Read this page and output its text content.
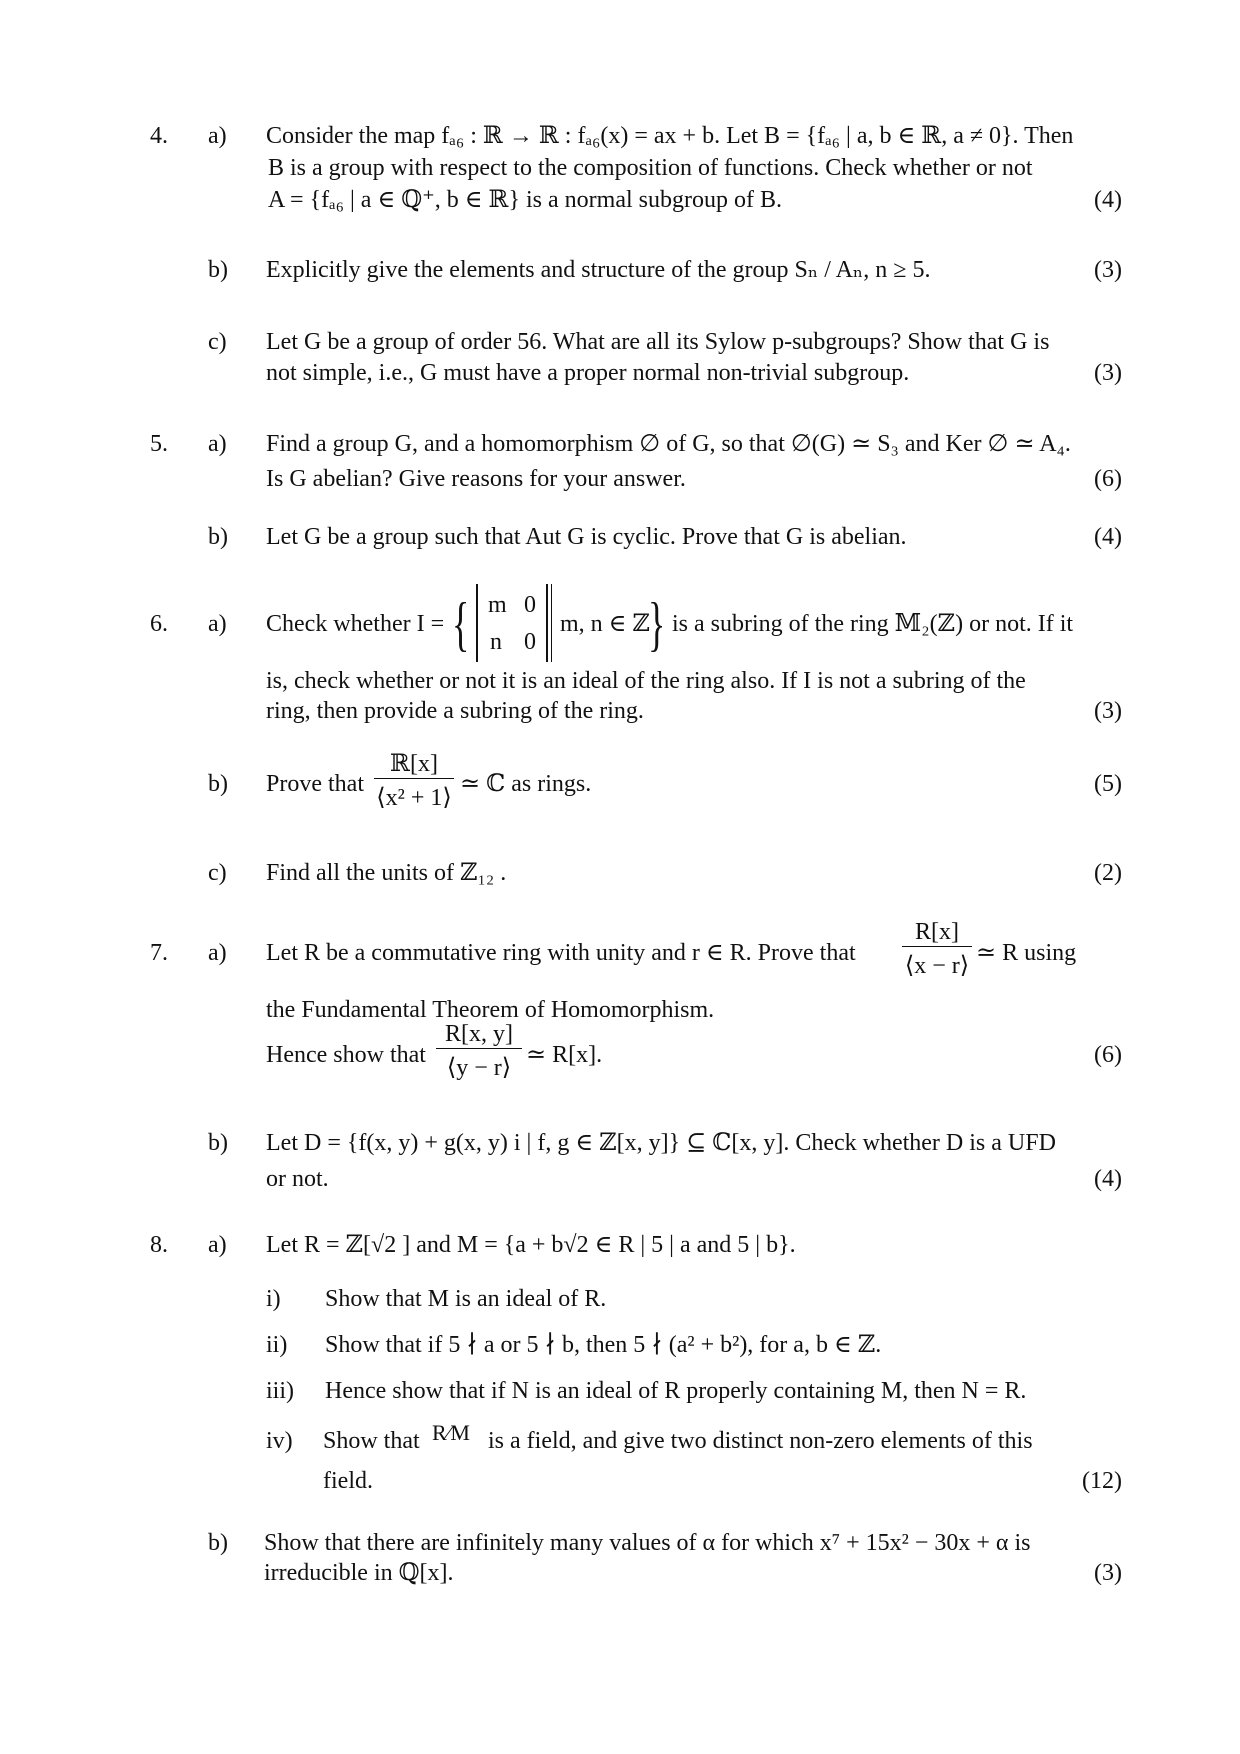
4. a) Consider the map fₐ₆ : ℝ → ℝ : fₐ₆(x) = ax + b. Let B = {fₐ₆ | a, b ∈ ℝ, a ≠ 0}. Then
B is a group with respect to the composition of functions. Check whether or not
A = {fₐ₆ | a ∈ ℚ⁺, b ∈ ℝ} is a normal subgroup of B.	(4)
b) Explicitly give the elements and structure of the group Sₙ / Aₙ, n ≥ 5.	(3)
c) Let G be a group of order 56. What are all its Sylow p-subgroups? Show that G is
not simple, i.e., G must have a proper normal non-trivial subgroup.	(3)
5. a) Find a group G, and a homomorphism ∅ of G, so that ∅(G) ≃ S₃ and Ker ∅ ≃ A₄.
Is G abelian? Give reasons for your answer.	(6)
b) Let G be a group such that Aut G is cyclic. Prove that G is abelian.	(4)
6. a) Check whether I = { m 0
n 0
m, n ∈ ℤ
} is a subring of the ring 𝕄₂(ℤ) or not. If it
is, check whether or not it is an ideal of the ring also. If I is not a subring of the
ring, then provide a subring of the ring.	(3)
b) Prove that
ℝ[x]
⟨x² + 1⟩
≃ ℂ as rings.	(5)
c) Find all the units of ℤ₁₂ .	(2)
7. a) Let R be a commutative ring with unity and r ∈ R. Prove that
R[x]
⟨x − r⟩ ≃ R using
the Fundamental Theorem of Homomorphism.
Hence show that
R[x, y]
⟨y − r⟩ ≃ R[x].	(6)
b) Let D = {f(x, y) + g(x, y) i | f, g ∈ ℤ[x, y]} ⊆ ℂ[x, y]. Check whether D is a UFD
or not.	(4)
8. a) Let R = ℤ[√2 ] and M = {a + b√2 ∈ R | 5 | a and 5 | b}.
i) Show that M is an ideal of R.
ii) Show that if 5 ∤ a or 5 ∤ b, then 5 ∤ (a² + b²), for a, b ∈ ℤ.
iii) Hence show that if N is an ideal of R properly containing M, then N = R.
iv) Show that R∕M is a field, and give two distinct non-zero elements of this
field.	(12)
b) Show that there are infinitely many values of α for which x⁷ + 15x² − 30x + α is
irreducible in ℚ[x].	(3)
